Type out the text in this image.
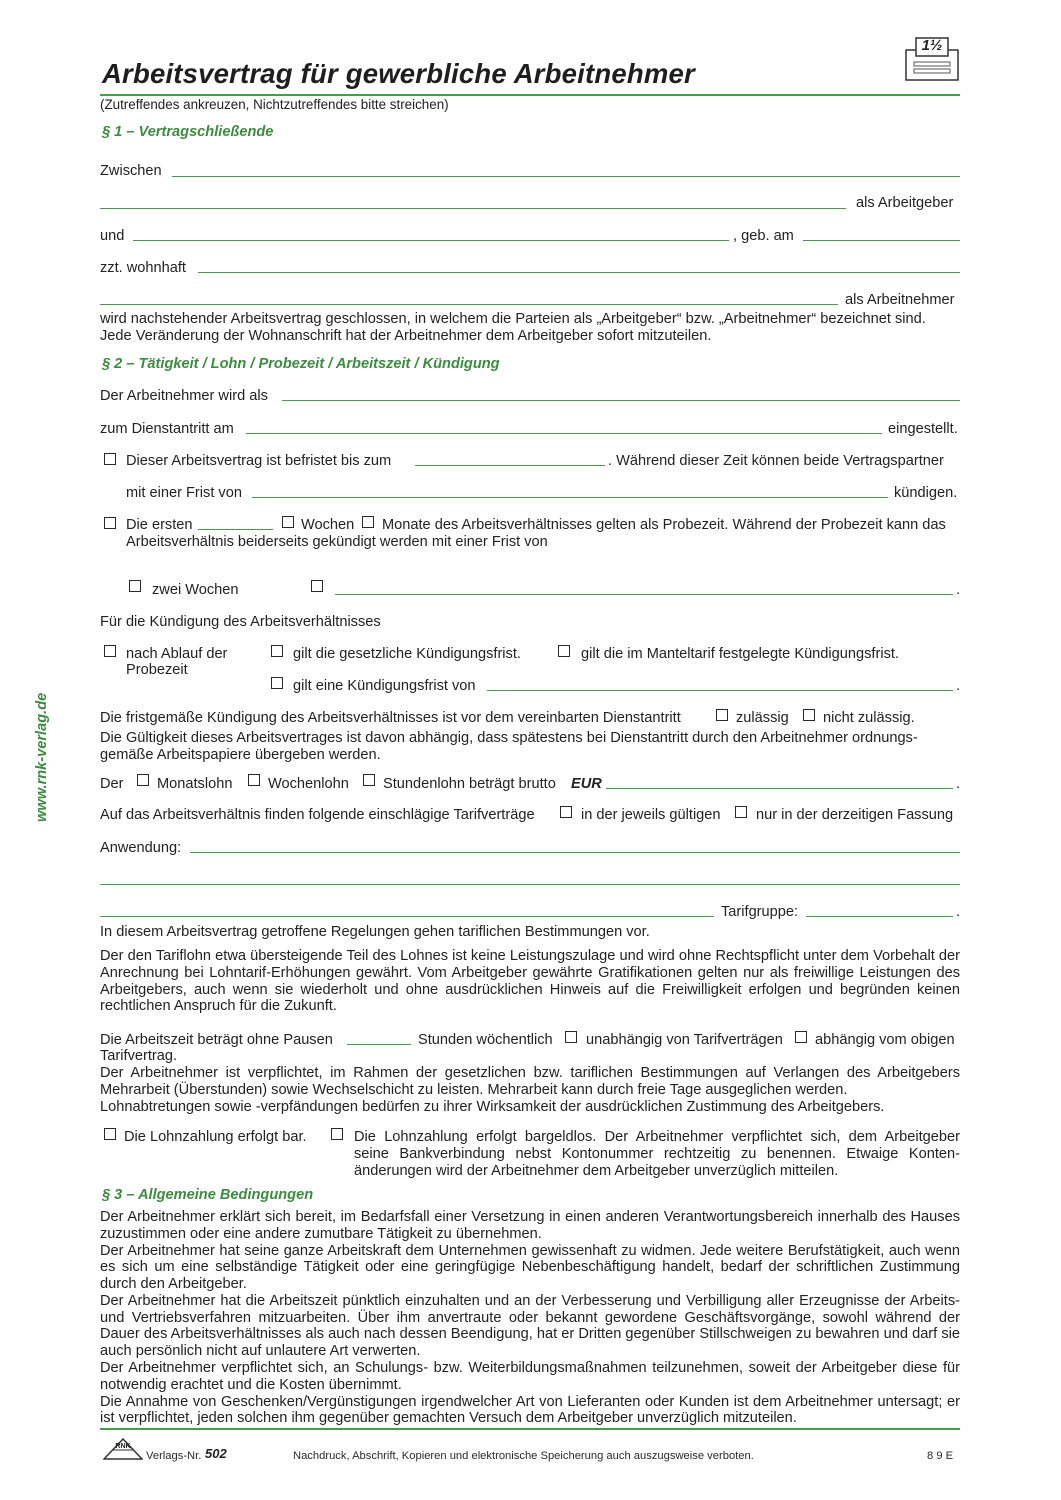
Arbeitsvertrag für gewerbliche Arbeitnehmer
(Zutreffendes ankreuzen, Nichtzutreffendes bitte streichen)
1½
www.rnk-verlag.de
§ 1 – Vertragschließende
Zwischen
als Arbeitgeber
und	, geb. am
zzt. wohnhaft
als Arbeitnehmer

wird nachstehender Arbeitsvertrag geschlossen, in welchem die Parteien als „Arbeitgeber“ bzw. „Arbeitnehmer“ bezeichnet sind.

Jede Veränderung der Wohnanschrift hat der Arbeitnehmer dem Arbeitgeber sofort mitzuteilen.

§ 2 – Tätigkeit / Lohn / Probezeit / Arbeitszeit / Kündigung
Der Arbeitnehmer wird als
zum Dienstantritt am	eingestellt.
Dieser Arbeitsvertrag ist befristet bis zum	. Während dieser Zeit können beide Vertragspartner
mit einer Frist von	kündigen.
Die ersten	Wochen Monate des Arbeitsverhältnisses gelten als Probezeit. Während der Probezeit kann das
Arbeitsverhältnis beiderseits gekündigt werden mit einer Frist von
zwei Wochen	.
Für die Kündigung des Arbeitsverhältnisses
nach Ablauf der
Probezeit
gilt die gesetzliche Kündigungsfrist.	gilt die im Manteltarif festgelegte Kündigungsfrist.
gilt eine Kündigungsfrist von	.
Die fristgemäße Kündigung des Arbeitsverhältnisses ist vor dem vereinbarten Dienstantritt	zulässig nicht zulässig.
Die Gültigkeit dieses Arbeitsvertrages ist davon abhängig, dass spätestens bei Dienstantritt durch den Arbeitnehmer ordnungs-
gemäße Arbeitspapiere übergeben werden.
Der Monatslohn Wochenlohn Stundenlohn beträgt brutto EUR	.
Auf das Arbeitsverhältnis finden folgende einschlägige Tarifverträge	in der jeweils gültigen nur in der derzeitigen Fassung
Anwendung:
Tarifgruppe:	.
In diesem Arbeitsvertrag getroffene Regelungen gehen tariflichen Bestimmungen vor.
Der den Tariflohn etwa übersteigende Teil des Lohnes ist keine Leistungszulage und wird ohne Rechtspflicht unter dem Vorbehalt der Anrechnung bei Lohntarif-Erhöhungen gewährt. Vom Arbeitgeber gewährte Gratifikationen gelten nur als freiwillige Leistungen des Arbeitgebers, auch wenn sie wiederholt und ohne ausdrücklichen Hinweis auf die Freiwilligkeit erfolgen und begründen keinen rechtlichen Anspruch für die Zukunft.
Die Arbeitszeit beträgt ohne Pausen	Stunden wöchentlich unabhängig von Tarifverträgen abhängig vom obigen
Tarifvertrag.

Der Arbeitnehmer ist verpflichtet, im Rahmen der gesetzlichen bzw. tariflichen Bestimmungen auf Verlangen des Arbeitgebers Mehrarbeit (Überstunden) sowie Wechselschicht zu leisten. Mehrarbeit kann durch freie Tage ausgeglichen werden.

Lohnabtretungen sowie -verpfändungen bedürfen zu ihrer Wirksamkeit der ausdrücklichen Zustimmung des Arbeitgebers.

Die Lohnzahlung erfolgt bar.	Die Lohnzahlung erfolgt bargeldlos. Der Arbeitnehmer verpflichtet sich, dem Arbeitgeber seine Bankverbindung nebst Kontonummer rechtzeitig zu benennen. Etwaige Konten-änderungen wird der Arbeitnehmer dem Arbeitgeber unverzüglich mitteilen.
§ 3 – Allgemeine Bedingungen

Der Arbeitnehmer erklärt sich bereit, im Bedarfsfall einer Versetzung in einen anderen Verantwortungsbereich innerhalb des Hauses zuzustimmen oder eine andere zumutbare Tätigkeit zu übernehmen.

Der Arbeitnehmer hat seine ganze Arbeitskraft dem Unternehmen gewissenhaft zu widmen. Jede weitere Berufstätigkeit, auch wenn es sich um eine selbständige Tätigkeit oder eine geringfügige Nebenbeschäftigung handelt, bedarf der schriftlichen Zustimmung durch den Arbeitgeber.

Der Arbeitnehmer hat die Arbeitszeit pünktlich einzuhalten und an der Verbesserung und Verbilligung aller Erzeugnisse der Arbeits- und Vertriebsverfahren mitzuarbeiten. Über ihm anvertraute oder bekannt gewordene Geschäftsvorgänge, sowohl während der Dauer des Arbeitsverhältnisses als auch nach dessen Beendigung, hat er Dritten gegenüber Stillschweigen zu bewahren und darf sie auch persönlich nicht auf unlautere Art verwerten.

Der Arbeitnehmer verpflichtet sich, an Schulungs- bzw. Weiterbildungsmaßnahmen teilzunehmen, soweit der Arbeitgeber diese für notwendig erachtet und die Kosten übernimmt.

Die Annahme von Geschenken/Vergünstigungen irgendwelcher Art von Lieferanten oder Kunden ist dem Arbeitnehmer untersagt; er ist verpflichtet, jeden solchen ihm gegenüber gemachten Versuch dem Arbeitgeber unverzüglich mitzuteilen.

RNK
Verlags-Nr. 502	Nachdruck, Abschrift, Kopieren und elektronische Speicherung auch auszugsweise verboten.	8 9 E
